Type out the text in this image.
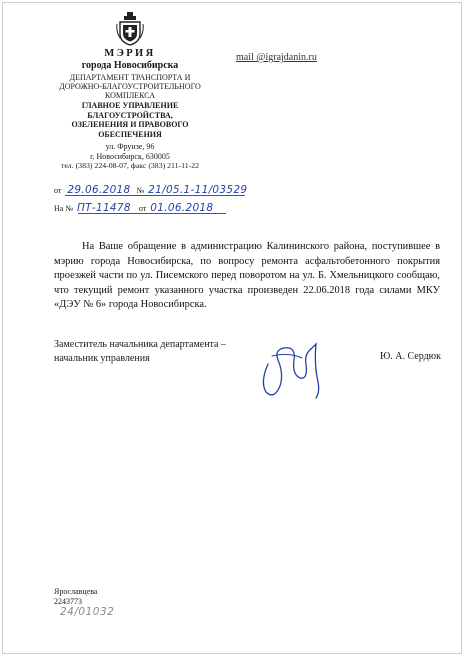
МЭРИЯ
города Новосибирска
ДЕПАРТАМЕНТ ТРАНСПОРТА И
ДОРОЖНО-БЛАГОУСТРОИТЕЛЬНОГО
КОМПЛЕКСА
ГЛАВНОЕ УПРАВЛЕНИЕ
БЛАГОУСТРОЙСТВА,
ОЗЕЛЕНЕНИЯ И ПРАВОВОГО
ОБЕСПЕЧЕНИЯ
ул. Фрунзе, 96
г. Новосибирск, 630005
тел. (383) 224-08-07, факс (383) 211-11-22
mail @igrajdanin.ru
от 29.06.2018 № 21/05.1-11/03529
На № ПТ-11478 от 01.06.2018

На Ваше обращение в администрацию Калининского района, поступившее в мэрию города Новосибирска, по вопросу ремонта асфальтобетонного покрытия проезжей части по ул. Писемского перед поворотом на ул. Б. Хмельницкого сообщаю, что текущий ремонт указанного участка произведен 22.06.2018 года силами МКУ «ДЭУ № 6» города Новосибирска.

Заместитель начальника департамента –
начальник управления	Ю. А. Сердюк
Ярославцева
2243773
24/01032
